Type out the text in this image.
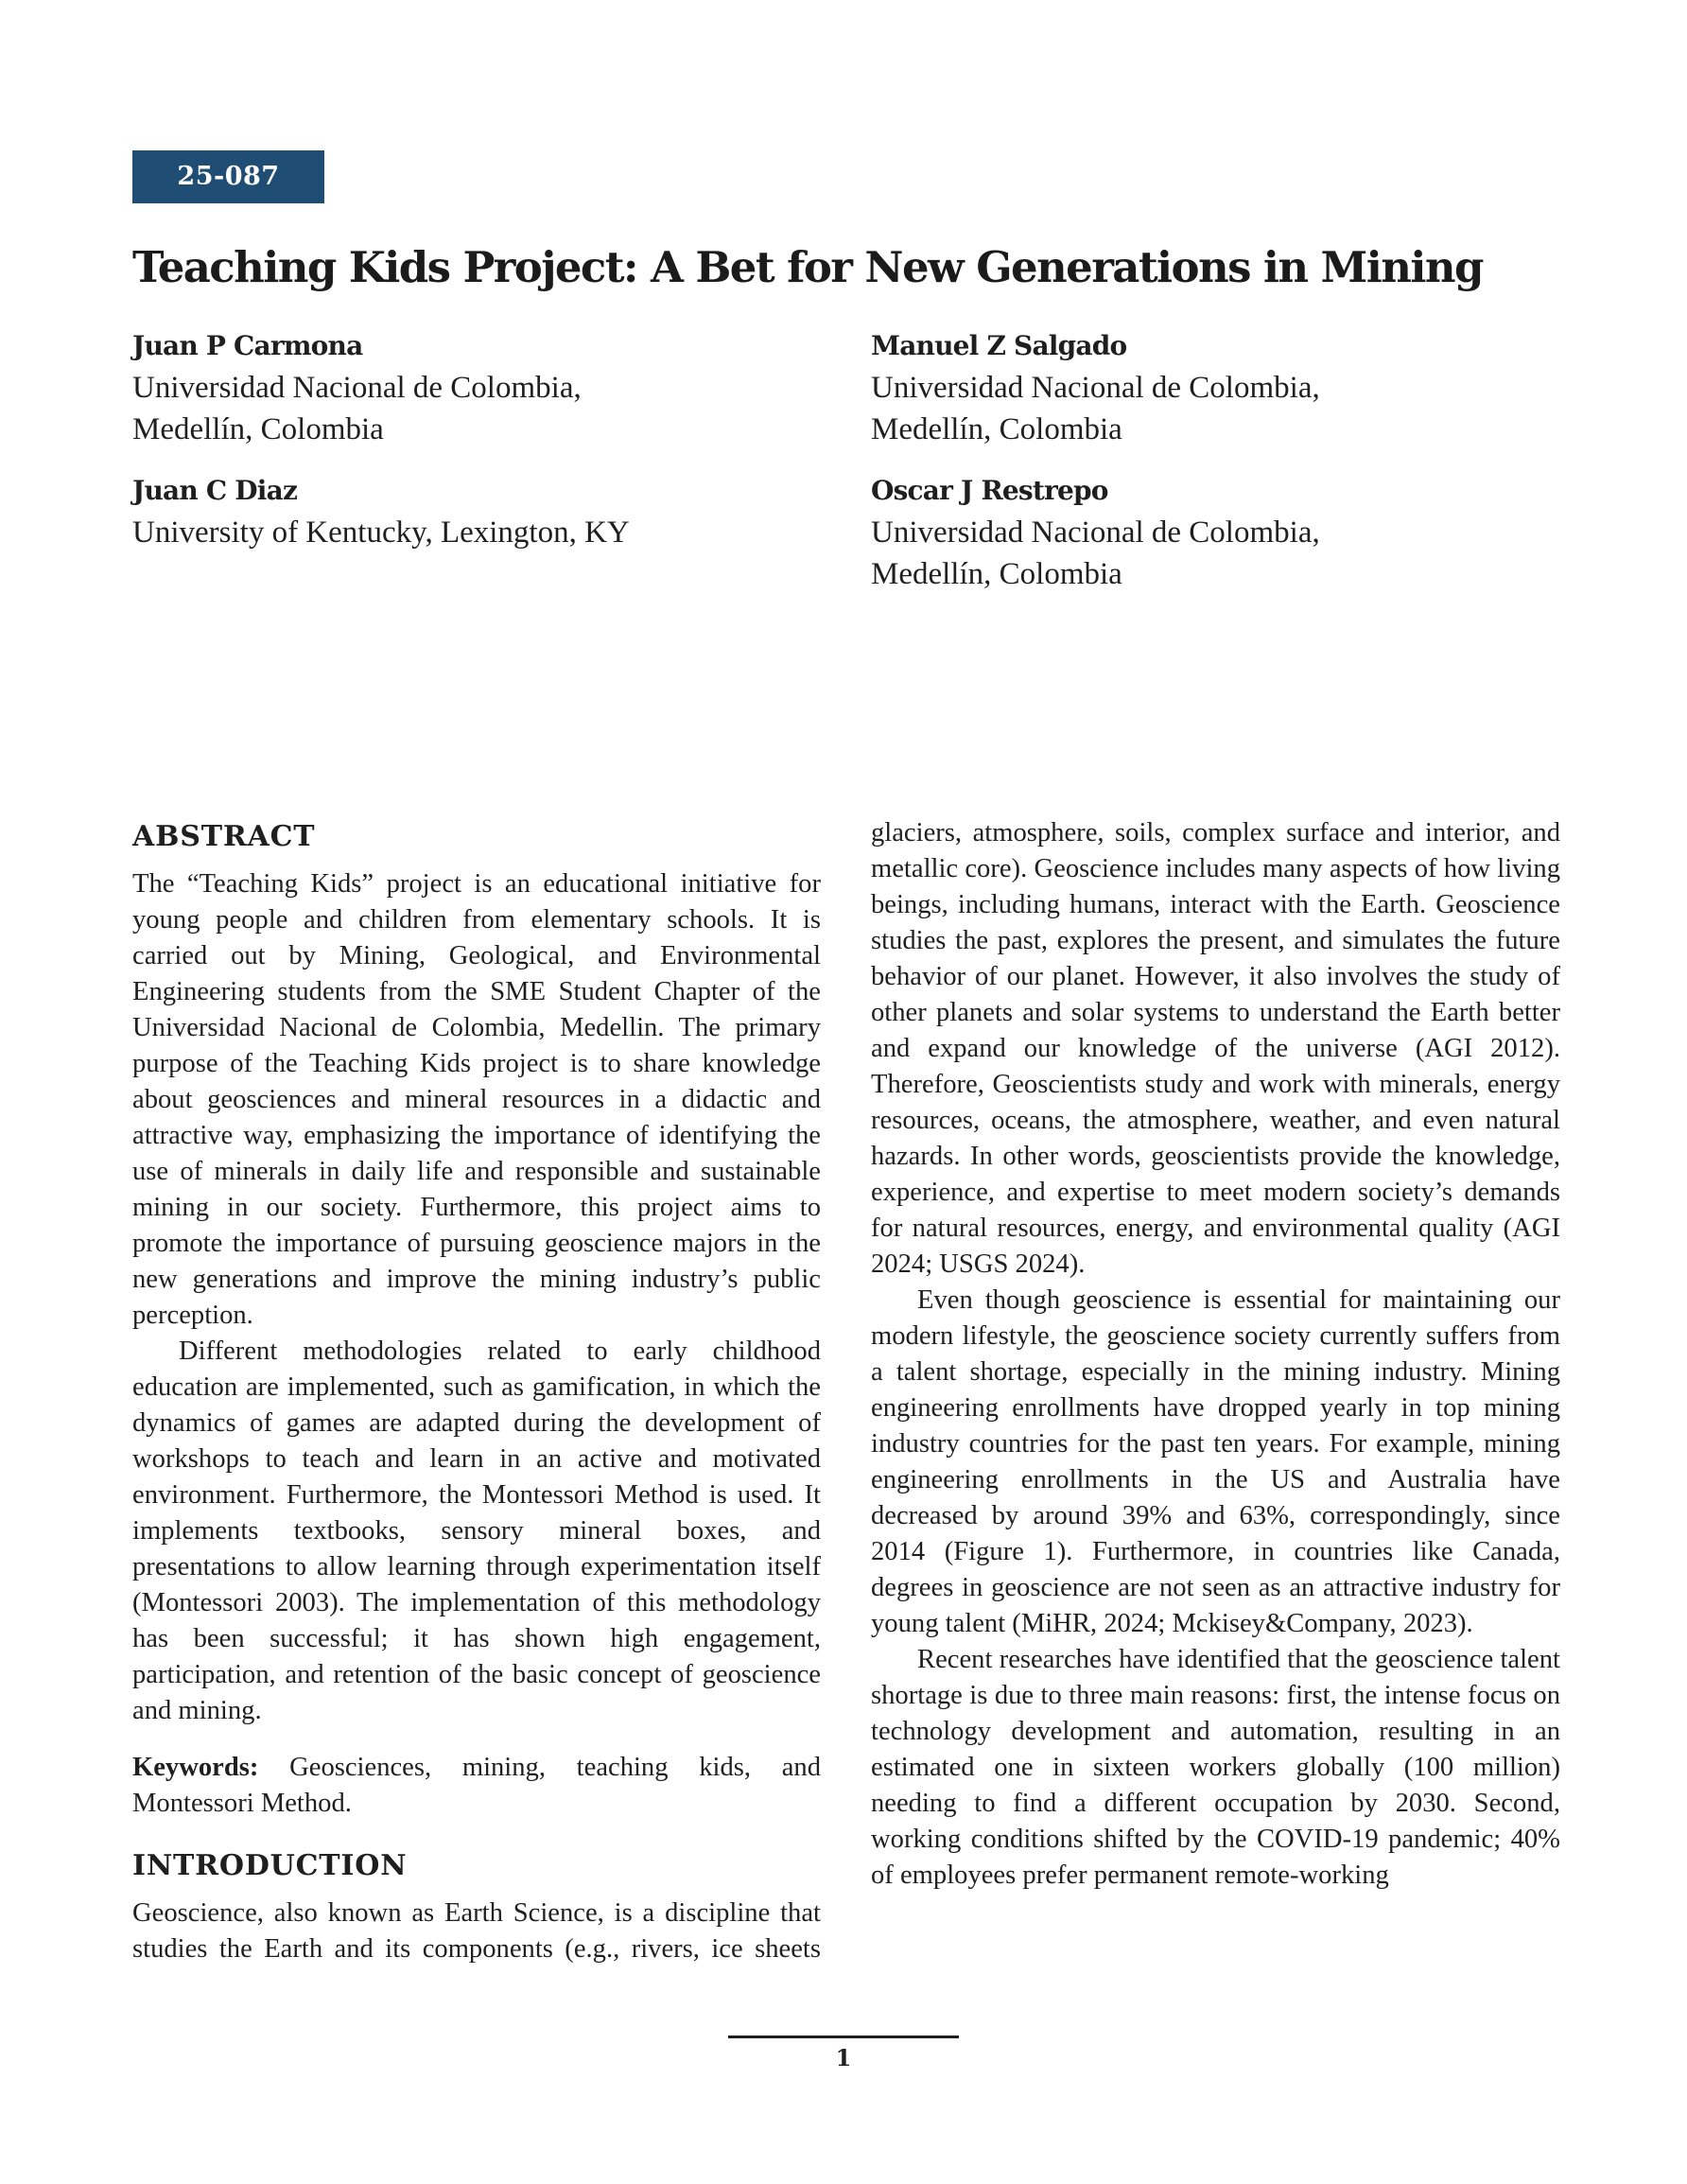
25-087
Teaching Kids Project: A Bet for New Generations in Mining
Juan P Carmona
Universidad Nacional de Colombia,
Medellín, Colombia
Manuel Z Salgado
Universidad Nacional de Colombia,
Medellín, Colombia
Juan C Diaz
University of Kentucky, Lexington, KY
Oscar J Restrepo
Universidad Nacional de Colombia,
Medellín, Colombia
ABSTRACT

The “Teaching Kids” project is an educational initiative for young people and children from elementary schools. It is carried out by Mining, Geological, and Environmental Engineering students from the SME Student Chapter of the Universidad Nacional de Colombia, Medellin. The primary purpose of the Teaching Kids project is to share knowledge about geosciences and mineral resources in a didactic and attractive way, emphasizing the importance of identifying the use of minerals in daily life and responsible and sustainable mining in our society. Furthermore, this project aims to promote the importance of pursuing geoscience majors in the new generations and improve the mining industry’s public perception.

Different methodologies related to early childhood education are implemented, such as gamification, in which the dynamics of games are adapted during the development of workshops to teach and learn in an active and motivated environment. Furthermore, the Montessori Method is used. It implements textbooks, sensory mineral boxes, and presentations to allow learning through experimentation itself (Montessori 2003). The implementation of this methodology has been successful; it has shown high engagement, participation, and retention of the basic concept of geoscience and mining.

Keywords: Geosciences, mining, teaching kids, and Montessori Method.

INTRODUCTION

Geoscience, also known as Earth Science, is a discipline that studies the Earth and its components (e.g., rivers, ice sheets

glaciers, atmosphere, soils, complex surface and interior, and metallic core). Geoscience includes many aspects of how living beings, including humans, interact with the Earth. Geoscience studies the past, explores the present, and simulates the future behavior of our planet. However, it also involves the study of other planets and solar systems to understand the Earth better and expand our knowledge of the universe (AGI 2012). Therefore, Geoscientists study and work with minerals, energy resources, oceans, the atmosphere, weather, and even natural hazards. In other words, geoscientists provide the knowledge, experience, and expertise to meet modern society’s demands for natural resources, energy, and environmental quality (AGI 2024; USGS 2024).

Even though geoscience is essential for maintaining our modern lifestyle, the geoscience society currently suffers from a talent shortage, especially in the mining industry. Mining engineering enrollments have dropped yearly in top mining industry countries for the past ten years. For example, mining engineering enrollments in the US and Australia have decreased by around 39% and 63%, correspondingly, since 2014 (Figure 1). Furthermore, in countries like Canada, degrees in geoscience are not seen as an attractive industry for young talent (MiHR, 2024; Mckisey&Company, 2023).

Recent researches have identified that the geoscience talent shortage is due to three main reasons: first, the intense focus on technology development and automation, resulting in an estimated one in sixteen workers globally (100 million) needing to find a different occupation by 2030. Second, working conditions shifted by the COVID-19 pandemic; 40% of employees prefer permanent remote-working

1
